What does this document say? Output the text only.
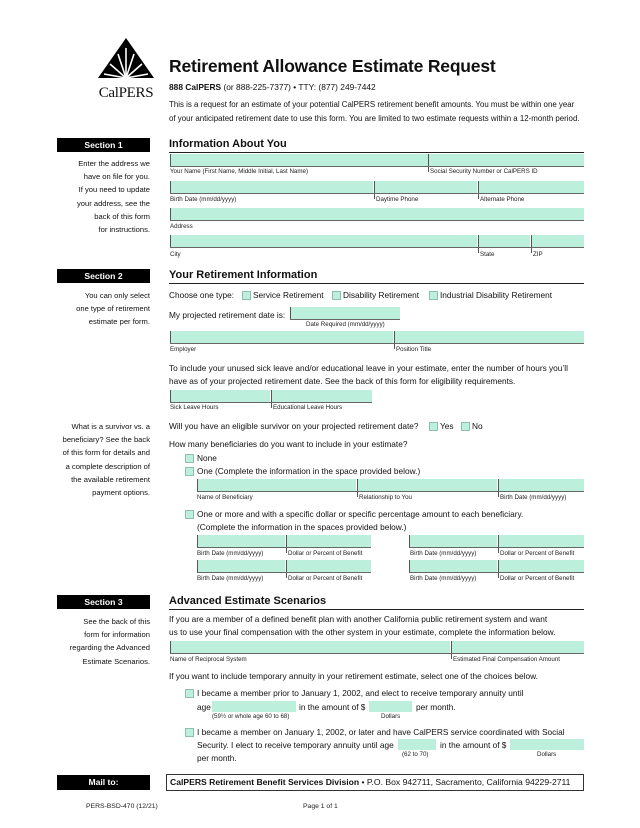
CalPERS
Retirement Allowance Estimate Request
888 CalPERS (or 888-225-7377) • TTY: (877) 249-7442
This is a request for an estimate of your potential CalPERS retirement benefit amounts. You must be within one year
of your anticipated retirement date to use this form. You are limited to two estimate requests within a 12-month period.
Section 1	Information About You
Enter the address we
have on file for you.
If you need to update
your address, see the
back of this form
for instructions.
Your Name (First Name, Middle Initial, Last Name)	Social Security Number or CalPERS ID
Birth Date (mm/dd/yyyy)	Daytime Phone	Alternate Phone
Address
City	State	ZIP
Section 2	Your Retirement Information
You can only select
one type of retirement
estimate per form.
Choose one type: Service Retirement Disability Retirement	Industrial Disability Retirement
My projected retirement date is:
Date Required (mm/dd/yyyy)
Employer	Position Title
To include your unused sick leave and/or educational leave in your estimate, enter the number of hours you’ll
have as of your projected retirement date. See the back of this form for eligibility requirements.
Sick Leave Hours	Educational Leave Hours
What is a survivor vs. a
beneficiary? See the back
of this form for details and
a complete description of
the available retirement
payment options.
Will you have an eligible survivor on your projected retirement date?	Yes No
How many beneficiaries do you want to include in your estimate?
None
One (Complete the information in the space provided below.)
Name of Beneficiary	Relationship to You	Birth Date (mm/dd/yyyy)
One or more and with a specific dollar or specific percentage amount to each beneficiary.
(Complete the information in the spaces provided below.)
Birth Date (mm/dd/yyyy)	Dollar or Percent of Benefit	Birth Date (mm/dd/yyyy)	Dollar or Percent of Benefit
Birth Date (mm/dd/yyyy)	Dollar or Percent of Benefit	Birth Date (mm/dd/yyyy)	Dollar or Percent of Benefit
Section 3	Advanced Estimate Scenarios
See the back of this
form for information
regarding the Advanced
Estimate Scenarios.
If you are a member of a defined benefit plan with another California public retirement system and want
us to use your final compensation with the other system in your estimate, complete the information below.
Name of Reciprocal System	Estimated Final Compensation Amount
If you want to include temporary annuity in your retirement estimate, select one of the choices below.
I became a member prior to January 1, 2002, and elect to receive temporary annuity until
age	in the amount of $	per month.
(59½ or whole age 60 to 68)	Dollars
I became a member on January 1, 2002, or later and have CalPERS service coordinated with Social
Security. I elect to receive temporary annuity until age	in the amount of $
(62 to 70)	Dollars
per month.
Mail to:	CalPERS Retirement Benefit Services Division • P.O. Box 942711, Sacramento, California 94229-2711
PERS-BSD-470 (12/21)	Page 1 of 1
